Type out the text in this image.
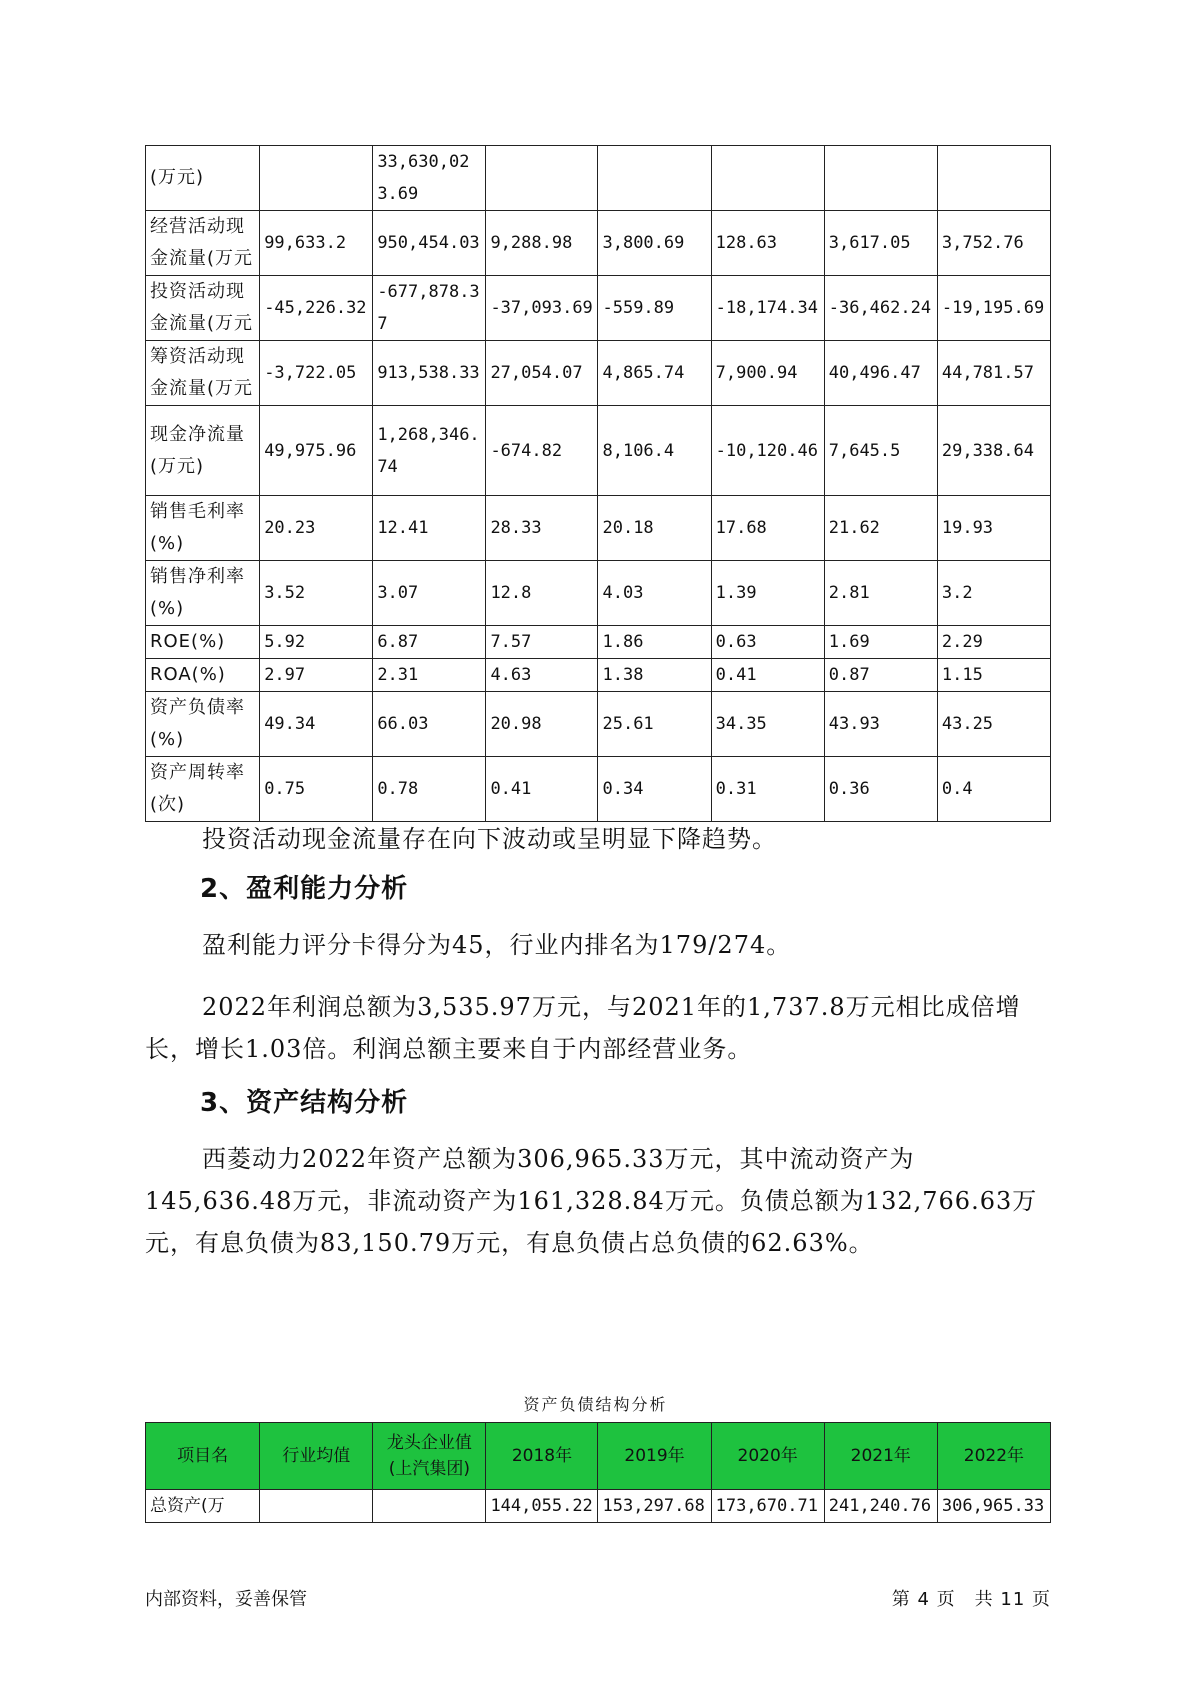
(万元)		33,630,023.69					
经营活动现金流量(万元	99,633.2	950,454.03	9,288.98	3,800.69	128.63	3,617.05	3,752.76
投资活动现金流量(万元	-45,226.32	-677,878.37	-37,093.69	-559.89	-18,174.34	-36,462.24	-19,195.69
筹资活动现金流量(万元	-3,722.05	913,538.33	27,054.07	4,865.74	7,900.94	40,496.47	44,781.57
现金净流量(万元)	49,975.96	1,268,346.74	-674.82	8,106.4	-10,120.46	7,645.5	29,338.64
销售毛利率(%)	20.23	12.41	28.33	20.18	17.68	21.62	19.93
销售净利率(%)	3.52	3.07	12.8	4.03	1.39	2.81	3.2
ROE(%)	5.92	6.87	7.57	1.86	0.63	1.69	2.29
ROA(%)	2.97	2.31	4.63	1.38	0.41	0.87	1.15
资产负债率(%)	49.34	66.03	20.98	25.61	34.35	43.93	43.25
资产周转率(次)	0.75	0.78	0.41	0.34	0.31	0.36	0.4
投资活动现金流量存在向下波动或呈明显下降趋势。
2、盈利能力分析
盈利能力评分卡得分为45，行业内排名为179/274。
2022年利润总额为3,535.97万元，与2021年的1,737.8万元相比成倍增长，增长1.03倍。利润总额主要来自于内部经营业务。
3、资产结构分析
西菱动力2022年资产总额为306,965.33万元，其中流动资产为145,636.48万元，非流动资产为161,328.84万元。负债总额为132,766.63万元，有息负债为83,150.79万元，有息负债占总负债的62.63%。
资产负债结构分析
项目名	行业均值	龙头企业值(上汽集团)	2018年	2019年	2020年	2021年	2022年
总资产(万			144,055.22	153,297.68	173,670.71	241,240.76	306,965.33
内部资料，妥善保管	第 4 页　共 11 页
